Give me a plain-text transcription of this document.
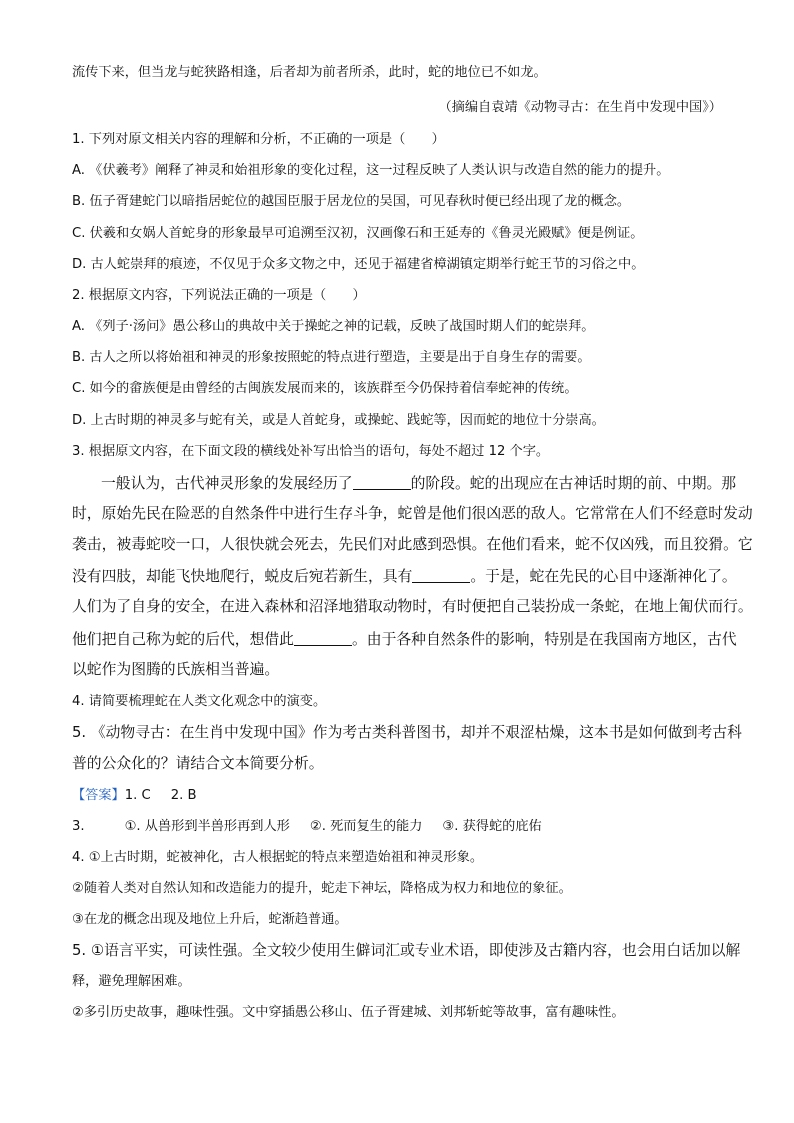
流传下来，但当龙与蛇狭路相逢，后者却为前者所杀，此时，蛇的地位已不如龙。
（摘编自袁靖《动物寻古：在生肖中发现中国》）
1. 下列对原文相关内容的理解和分析，不正确的一项是（　　）
A. 《伏羲考》阐释了神灵和始祖形象的变化过程，这一过程反映了人类认识与改造自然的能力的提升。
B. 伍子胥建蛇门以暗指居蛇位的越国臣服于居龙位的吴国，可见春秋时便已经出现了龙的概念。
C. 伏羲和女娲人首蛇身的形象最早可追溯至汉初，汉画像石和王延寿的《鲁灵光殿赋》便是例证。
D. 古人蛇崇拜的痕迹，不仅见于众多文物之中，还见于福建省樟湖镇定期举行蛇王节的习俗之中。
2. 根据原文内容，下列说法正确的一项是（　　）
A. 《列子·汤问》愚公移山的典故中关于操蛇之神的记载，反映了战国时期人们的蛇崇拜。
B. 古人之所以将始祖和神灵的形象按照蛇的特点进行塑造，主要是出于自身生存的需要。
C. 如今的畲族便是由曾经的古闽族发展而来的，该族群至今仍保持着信奉蛇神的传统。
D. 上古时期的神灵多与蛇有关，或是人首蛇身，或操蛇、践蛇等，因而蛇的地位十分崇高。
3. 根据原文内容，在下面文段的横线处补写出恰当的语句，每处不超过 12 个字。
一般认为，古代神灵形象的发展经历了	的阶段。蛇的出现应在古神话时期的前、中期。那
时，原始先民在险恶的自然条件中进行生存斗争，蛇曾是他们很凶恶的敌人。它常常在人们不经意时发动
袭击，被毒蛇咬一口，人很快就会死去，先民们对此感到恐惧。在他们看来，蛇不仅凶残，而且狡猾。它
没有四肢，却能飞快地爬行，蜕皮后宛若新生，具有	。于是，蛇在先民的心目中逐渐神化了。
人们为了自身的安全，在进入森林和沼泽地猎取动物时，有时便把自己装扮成一条蛇，在地上匍伏而行。
他们把自己称为蛇的后代，想借此	。由于各种自然条件的影响，特别是在我国南方地区，古代
以蛇作为图腾的氏族相当普遍。
4. 请简要梳理蛇在人类文化观念中的演变。
5. 《动物寻古：在生肖中发现中国》作为考古类科普图书，却并不艰涩枯燥，这本书是如何做到考古科
普的公众化的？请结合文本简要分析。
【答案】1. C 2. B
3.	①. 从兽形到半兽形再到人形 ②. 死而复生的能力 ③. 获得蛇的庇佑
4. ①上古时期，蛇被神化，古人根据蛇的特点来塑造始祖和神灵形象。
②随着人类对自然认知和改造能力的提升，蛇走下神坛，降格成为权力和地位的象征。
③在龙的概念出现及地位上升后，蛇渐趋普通。
5. ①语言平实，可读性强。全文较少使用生僻词汇或专业术语，即使涉及古籍内容，也会用白话加以解
释，避免理解困难。
②多引历史故事，趣味性强。文中穿插愚公移山、伍子胥建城、刘邦斩蛇等故事，富有趣味性。
